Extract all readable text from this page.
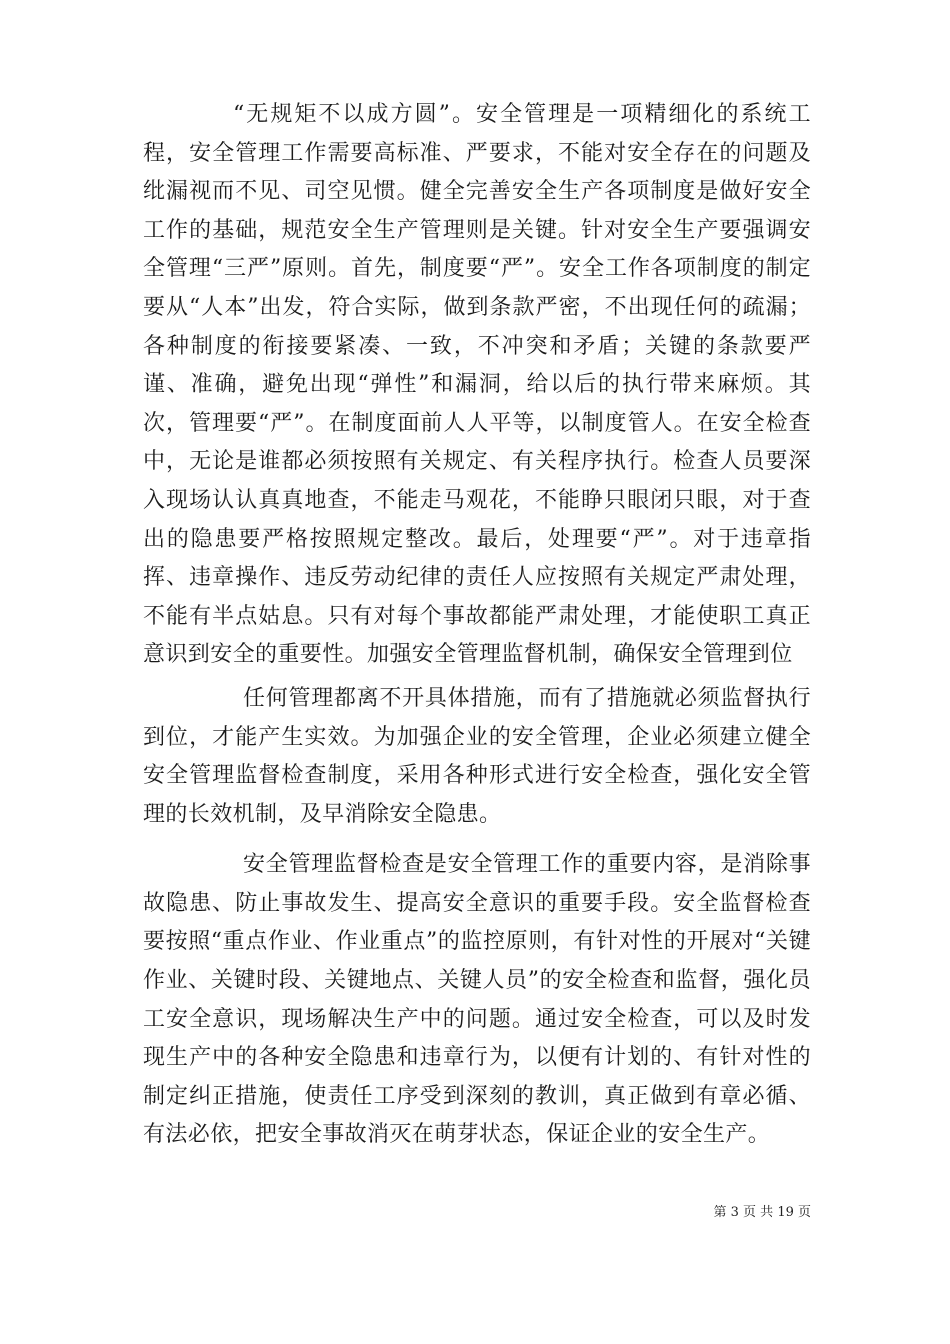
“无规矩不以成方圆”。安全管理是一项精细化的系统工程，安全管理工作需要高标准、严要求，不能对安全存在的问题及纰漏视而不见、司空见惯。健全完善安全生产各项制度是做好安全工作的基础，规范安全生产管理则是关键。针对安全生产要强调安全管理“三严”原则。首先，制度要“严”。安全工作各项制度的制定要从“人本”出发，符合实际，做到条款严密，不出现任何的疏漏；各种制度的衔接要紧凑、一致，不冲突和矛盾；关键的条款要严谨、准确，避免出现“弹性”和漏洞，给以后的执行带来麻烦。其次，管理要“严”。在制度面前人人平等，以制度管人。在安全检查中，无论是谁都必须按照有关规定、有关程序执行。检查人员要深入现场认认真真地查，不能走马观花，不能睁只眼闭只眼，对于查出的隐患要严格按照规定整改。最后，处理要“严”。对于违章指挥、违章操作、违反劳动纪律的责任人应按照有关规定严肃处理，不能有半点姑息。只有对每个事故都能严肃处理，才能使职工真正意识到安全的重要性。加强安全管理监督机制，确保安全管理到位

任何管理都离不开具体措施，而有了措施就必须监督执行到位，才能产生实效。为加强企业的安全管理，企业必须建立健全安全管理监督检查制度，采用各种形式进行安全检查，强化安全管理的长效机制，及早消除安全隐患。

安全管理监督检查是安全管理工作的重要内容，是消除事故隐患、防止事故发生、提高安全意识的重要手段。安全监督检查要按照“重点作业、作业重点”的监控原则，有针对性的开展对“关键作业、关键时段、关键地点、关键人员”的安全检查和监督，强化员工安全意识，现场解决生产中的问题。通过安全检查，可以及时发现生产中的各种安全隐患和违章行为，以便有计划的、有针对性的制定纠正措施，使责任工序受到深刻的教训，真正做到有章必循、有法必依，把安全事故消灭在萌芽状态，保证企业的安全生产。

第 3 页 共 19 页
